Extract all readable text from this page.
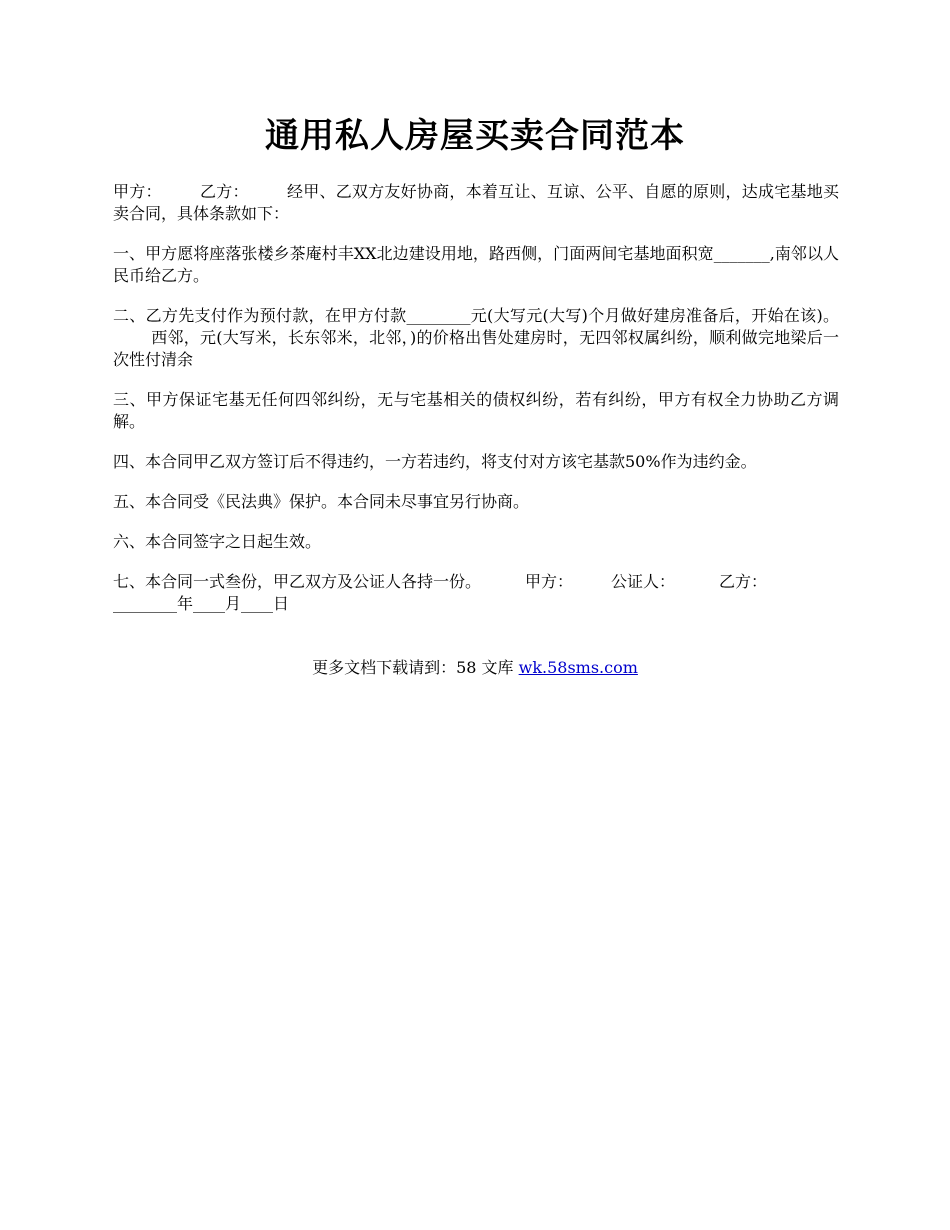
通用私人房屋买卖合同范本

甲方： 乙方： 经甲、乙双方友好协商，本着互让、互谅、公平、自愿的原则，达成宅基地买卖合同，具体条款如下：

一、甲方愿将座落张楼乡茶庵村丰XX北边建设用地，路西侧，门面两间宅基地面积宽_______,南邻以人民币给乙方。

二、乙方先支付作为预付款，在甲方付款________元(大写元(大写)个月做好建房准备后，开始在该)。西邻，元(大写米，长东邻米，北邻，)的价格出售处建房时，无四邻权属纠纷，顺利做完地梁后一次性付清余

三、甲方保证宅基无任何四邻纠纷，无与宅基相关的债权纠纷，若有纠纷，甲方有权全力协助乙方调解。

四、本合同甲乙双方签订后不得违约，一方若违约，将支付对方该宅基款50%作为违约金。

五、本合同受《民法典》保护。本合同未尽事宜另行协商。

六、本合同签字之日起生效。

七、本合同一式叁份，甲乙双方及公证人各持一份。	甲方： 公证人：	乙方：
________年____月____日

更多文档下载请到：58 文库 wk.58sms.com
